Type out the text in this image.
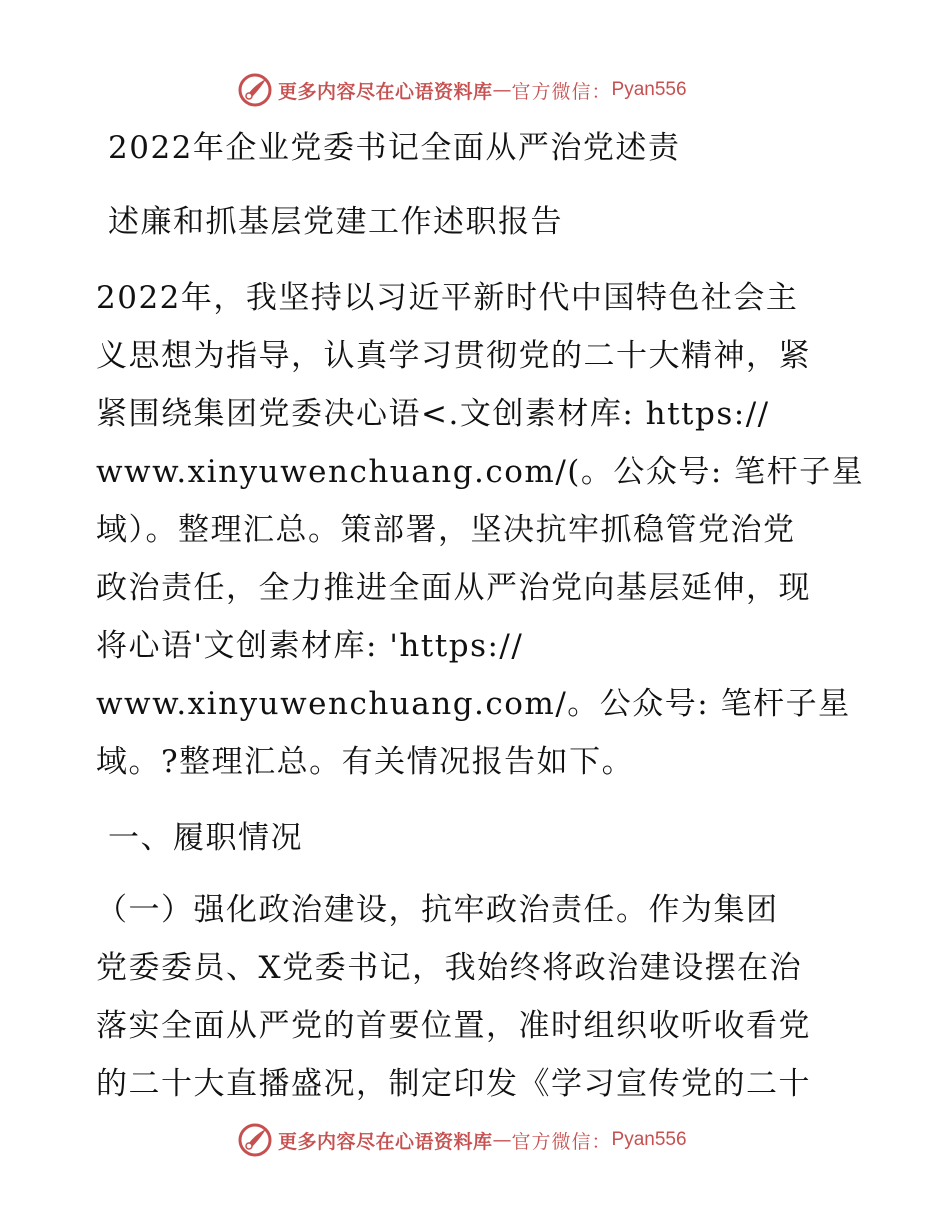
更多内容尽在心语资料库 — 官方微信： Pyan556
2022年企业党委书记全面从严治党述责
述廉和抓基层党建工作述职报告
2022年，我坚持以习近平新时代中国特色社会主
义思想为指导，认真学习贯彻党的二十大精神，紧
紧围绕集团党委决心语<.文创素材库: https://
www.xinyuwenchuang.com/(。公众号: 笔杆子星
域）。整理汇总。策部署，坚决抗牢抓稳管党治党
政治责任，全力推进全面从严治党向基层延伸，现
将心语'文创素材库: 'https://
www.xinyuwenchuang.com/。公众号: 笔杆子星
域。?整理汇总。有关情况报告如下。
一、履职情况
（一）强化政治建设，抗牢政治责任。作为集团
党委委员、X党委书记，我始终将政治建设摆在治
落实全面从严党的首要位置，准时组织收听收看党
的二十大直播盛况，制定印发《学习宣传党的二十
更多内容尽在心语资料库 — 官方微信： Pyan556
